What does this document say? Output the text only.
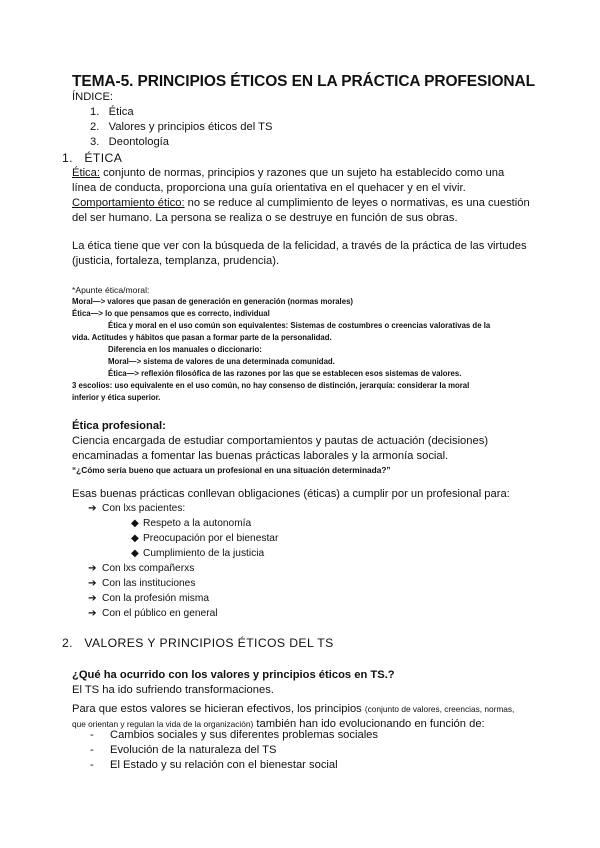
TEMA-5. PRINCIPIOS ÉTICOS EN LA PRÁCTICA PROFESIONAL
ÍNDICE:
1. Ética
2. Valores y principios éticos del TS
3. Deontología
1. ÉTICA
Ética: conjunto de normas, principios y razones que un sujeto ha establecido como una
línea de conducta, proporciona una guía orientativa en el quehacer y en el vivir.
Comportamiento ético: no se reduce al cumplimiento de leyes o normativas, es una cuestión
del ser humano. La persona se realiza o se destruye en función de sus obras.
La ética tiene que ver con la búsqueda de la felicidad, a través de la práctica de las virtudes
(justicia, fortaleza, templanza, prudencia).
*Apunte ética/moral:
Moral—> valores que pasan de generación en generación (normas morales)
Ética—> lo que pensamos que es correcto, individual
Ética y moral en el uso común son equivalentes: Sistemas de costumbres o creencias valorativas de la
vida. Actitudes y hábitos que pasan a formar parte de la personalidad.
Diferencia en los manuales o diccionario:
Moral—> sistema de valores de una determinada comunidad.
Ética—> reflexión filosófica de las razones por las que se establecen esos sistemas de valores.
3 escolios: uso equivalente en el uso común, no hay consenso de distinción, jerarquía: considerar la moral
inferior y ética superior.
Ética profesional:
Ciencia encargada de estudiar comportamientos y pautas de actuación (decisiones)
encaminadas a fomentar las buenas prácticas laborales y la armonía social.
“¿Cómo sería bueno que actuara un profesional en una situación determinada?”
Esas buenas prácticas conllevan obligaciones (éticas) a cumplir por un profesional para:
➔ Con lxs pacientes:
◆ Respeto a la autonomía
◆ Preocupación por el bienestar
◆ Cumplimiento de la justicia
➔ Con lxs compañerxs
➔ Con las instituciones
➔ Con la profesión misma
➔ Con el público en general
2. VALORES Y PRINCIPIOS ÉTICOS DEL TS
¿Qué ha ocurrido con los valores y principios éticos en TS.?
El TS ha ido sufriendo transformaciones.
Para que estos valores se hicieran efectivos, los principios (conjunto de valores, creencias, normas,
que orientan y regulan la vida de la organización) también han ido evolucionando en función de:
- Cambios sociales y sus diferentes problemas sociales
- Evolución de la naturaleza del TS
- El Estado y su relación con el bienestar social
